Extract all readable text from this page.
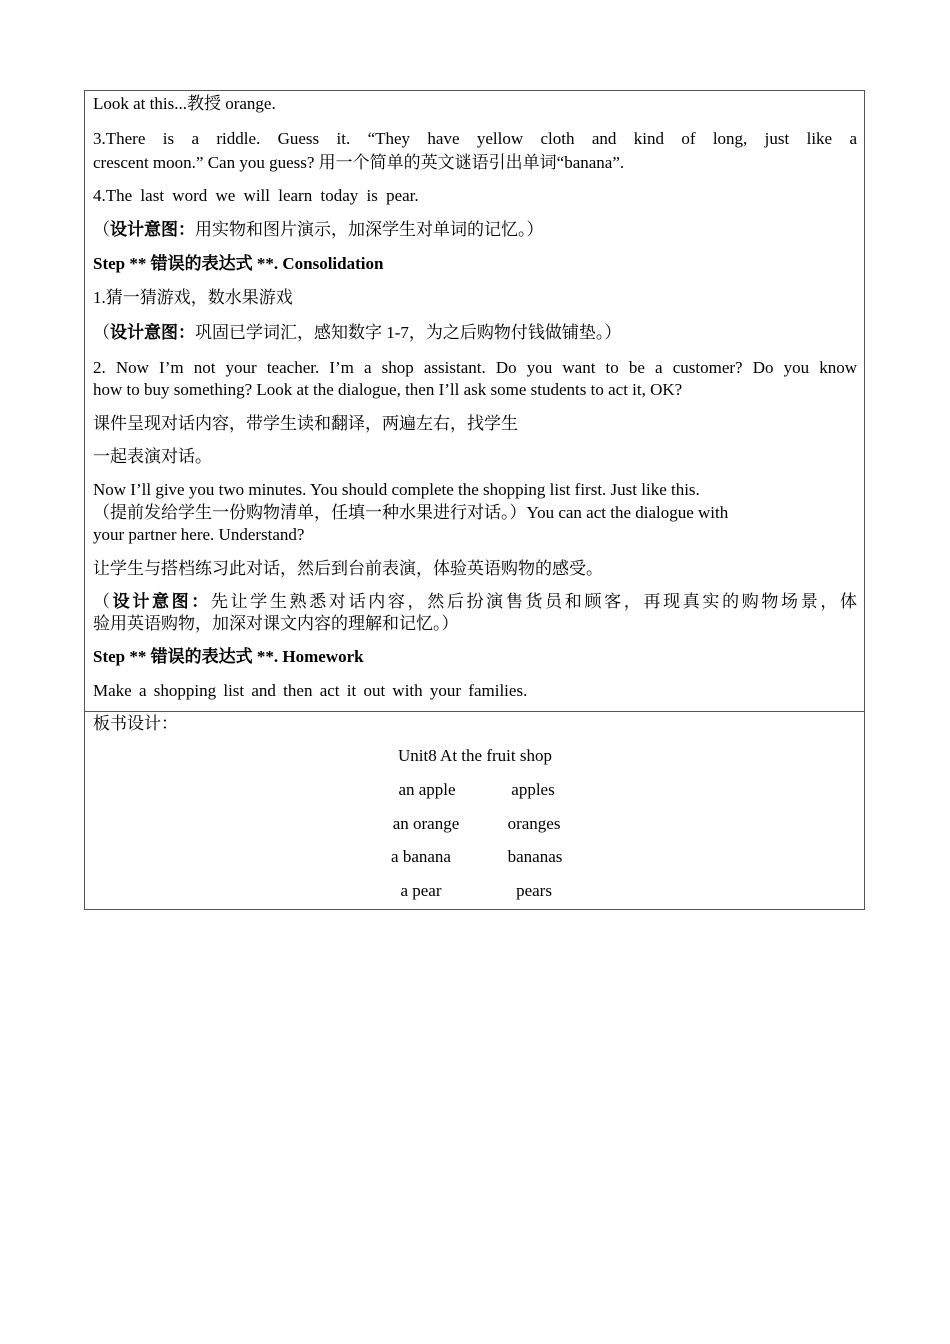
Look at this...教授 orange.
3.There is a riddle. Guess it. “They have yellow cloth and kind of long, just like a
crescent moon.” Can you guess? 用一个简单的英文谜语引出单词“banana”.
4.The last word we will learn today is pear.
（设计意图：用实物和图片演示，加深学生对单词的记忆。）
Step ** 错误的表达式 **. Consolidation
1.猜一猜游戏，数水果游戏
（设计意图：巩固已学词汇，感知数字 1-7，为之后购物付钱做铺垫。）
2. Now I’m not your teacher. I’m a shop assistant. Do you want to be a customer? Do you know
how to buy something? Look at the dialogue, then I’ll ask some students to act it, OK?
课件呈现对话内容，带学生读和翻译，两遍左右，找学生
一起表演对话。
Now I’ll give you two minutes. You should complete the shopping list first. Just like this.
（提前发给学生一份购物清单，任填一种水果进行对话。）You can act the dialogue with
your partner here. Understand?
让学生与搭档练习此对话，然后到台前表演，体验英语购物的感受。
（设计意图：先让学生熟悉对话内容，然后扮演售货员和顾客，再现真实的购物场景，体
验用英语购物，加深对课文内容的理解和记忆。）
Step ** 错误的表达式 **. Homework
Make a shopping list and then act it out with your families.
板书设计：
Unit8 At the fruit shop
an apple	apples
an orange	oranges
a banana	bananas
a pear	pears
